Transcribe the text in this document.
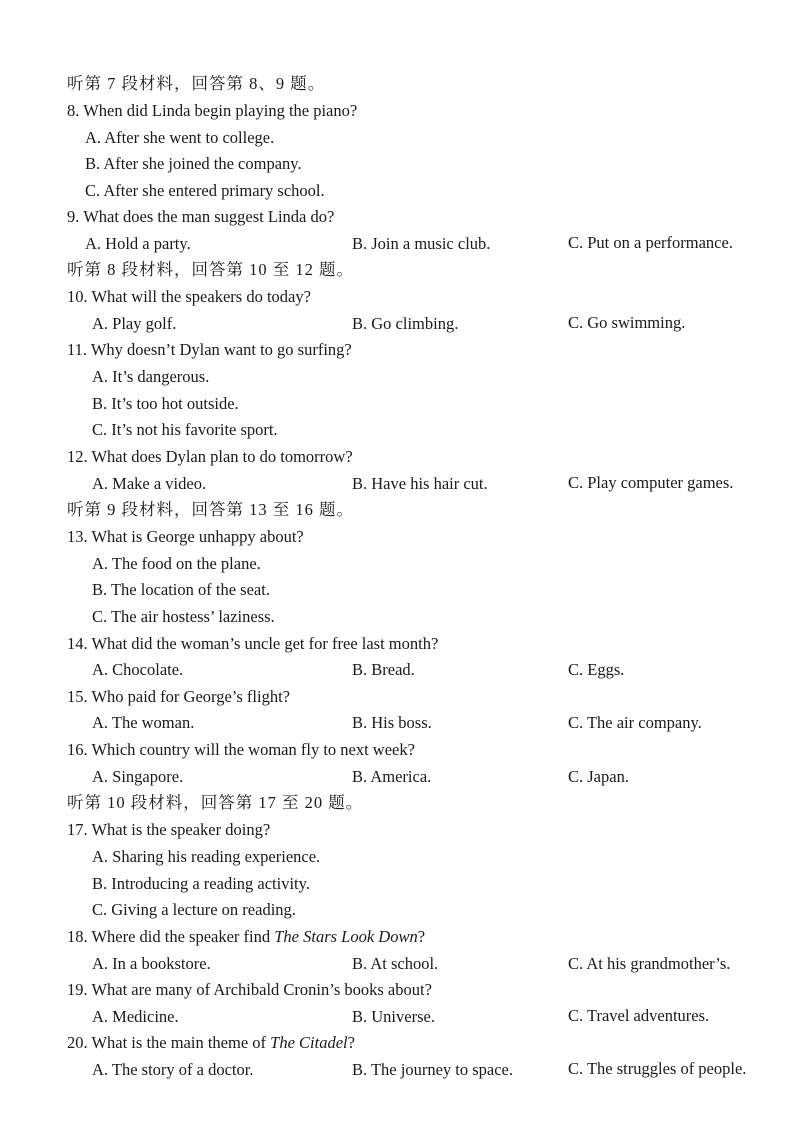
听第 7 段材料，回答第 8、9 题。
8. When did Linda begin playing the piano?
A. After she went to college.
B. After she joined the company.
C. After she entered primary school.
9. What does the man suggest Linda do?
A. Hold a party.	B. Join a music club.	C. Put on a performance.
听第 8 段材料，回答第 10 至 12 题。
10. What will the speakers do today?
A. Play golf.	B. Go climbing.	C. Go swimming.
11. Why doesn’t Dylan want to go surfing?
A. It’s dangerous.
B. It’s too hot outside.
C. It’s not his favorite sport.
12. What does Dylan plan to do tomorrow?
A. Make a video.	B. Have his hair cut.	C. Play computer games.
听第 9 段材料，回答第 13 至 16 题。
13. What is George unhappy about?
A. The food on the plane.
B. The location of the seat.
C. The air hostess’ laziness.
14. What did the woman’s uncle get for free last month?
A. Chocolate.	B. Bread.	C. Eggs.
15. Who paid for George’s flight?
A. The woman.	B. His boss.	C. The air company.
16. Which country will the woman fly to next week?
A. Singapore.	B. America.	C. Japan.
听第 10 段材料，回答第 17 至 20 题。
17. What is the speaker doing?
A. Sharing his reading experience.
B. Introducing a reading activity.
C. Giving a lecture on reading.
18. Where did the speaker find The Stars Look Down?
A. In a bookstore.	B. At school.	C. At his grandmother’s.
19. What are many of Archibald Cronin’s books about?
A. Medicine.	B. Universe.	C. Travel adventures.
20. What is the main theme of The Citadel?
A. The story of a doctor.	B. The journey to space.	C. The struggles of people.
